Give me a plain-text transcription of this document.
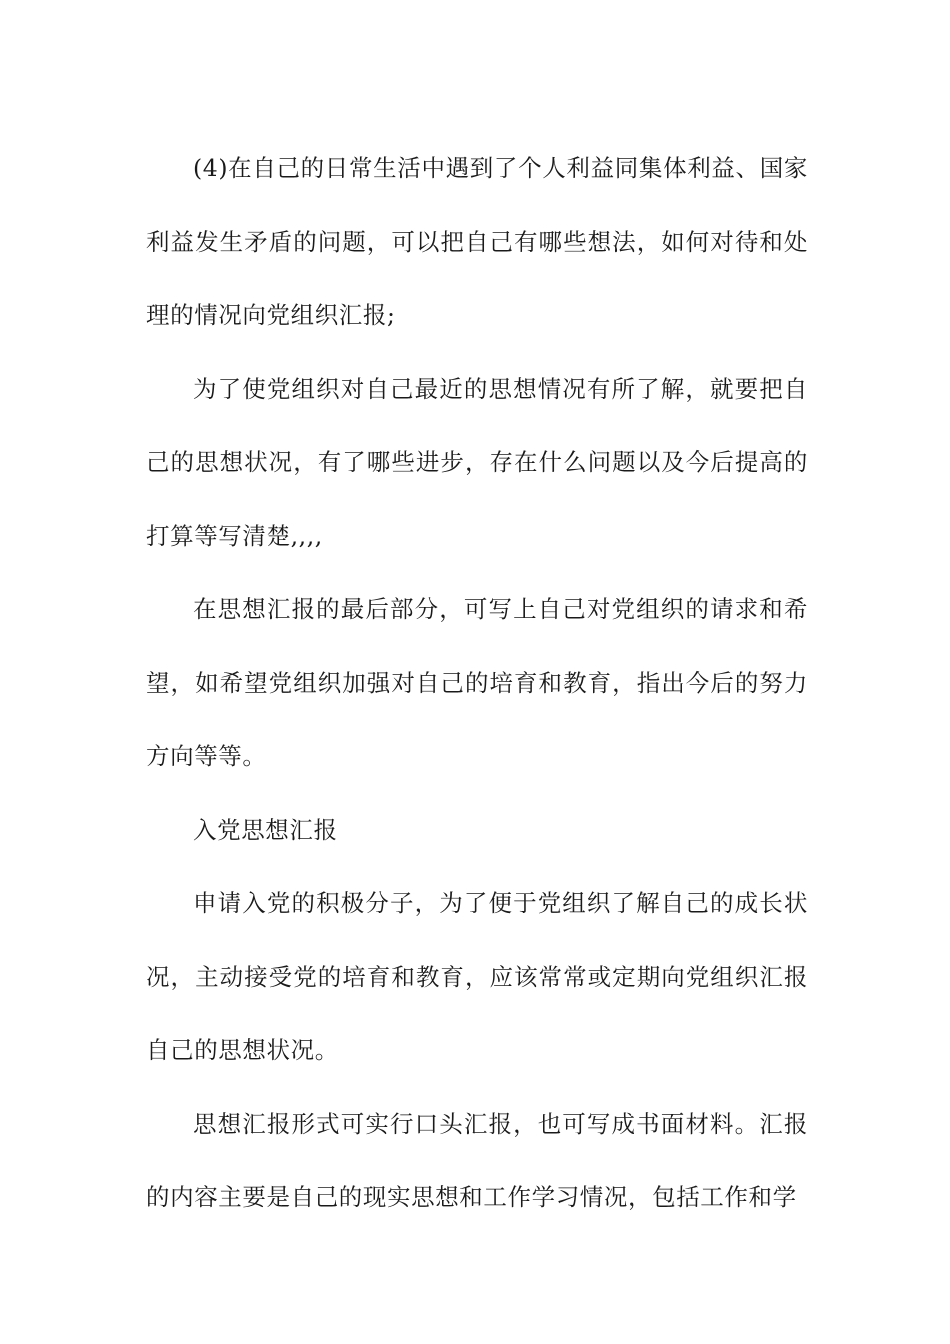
(4)在自己的日常生活中遇到了个人利益同集体利益、国家利益发生矛盾的问题，可以把自己有哪些想法，如何对待和处理的情况向党组织汇报;

为了使党组织对自己最近的思想情况有所了解，就要把自己的思想状况，有了哪些进步，存在什么问题以及今后提高的打算等写清楚,,,,

在思想汇报的最后部分，可写上自己对党组织的请求和希望，如希望党组织加强对自己的培育和教育，指出今后的努力方向等等。

入党思想汇报

申请入党的积极分子，为了便于党组织了解自己的成长状况，主动接受党的培育和教育，应该常常或定期向党组织汇报自己的思想状况。

思想汇报形式可实行口头汇报，也可写成书面材料。汇报的内容主要是自己的现实思想和工作学习情况，包括工作和学
